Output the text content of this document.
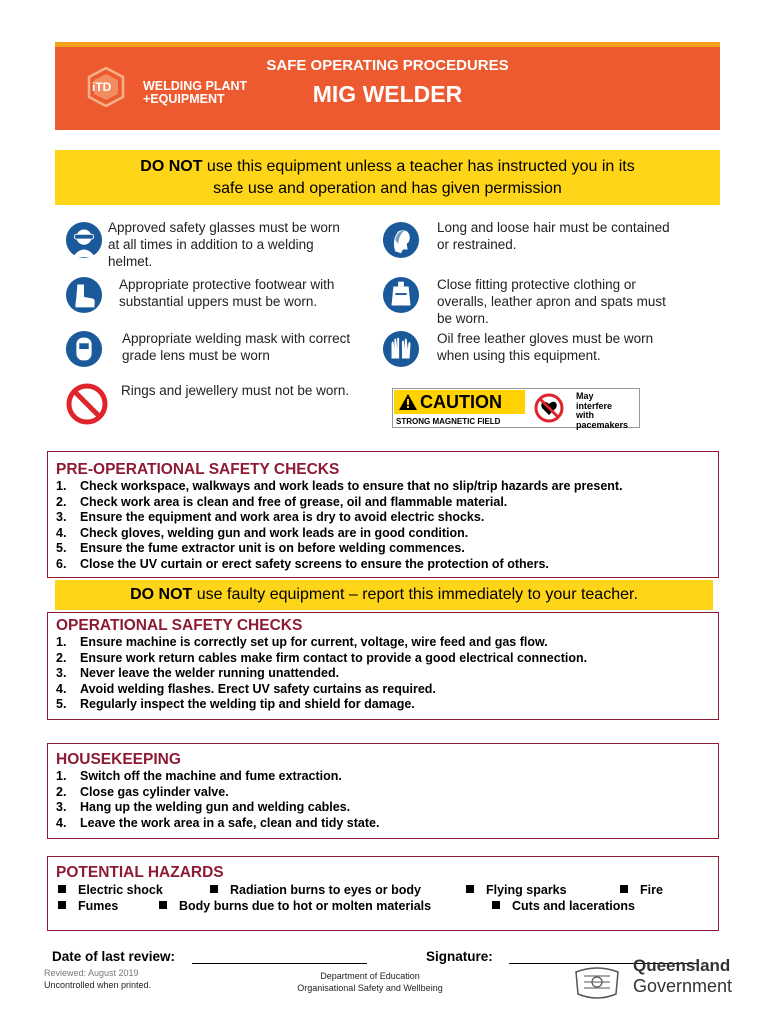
iTD	WELDING PLANT
+EQUIPMENT
SAFE OPERATING PROCEDURES
MIG WELDER
DO NOT use this equipment unless a teacher has instructed you in its
safe use and operation and has given permission
Approved safety glasses must be worn at all times in addition to a welding helmet.
Long and loose hair must be contained or restrained.
Appropriate protective footwear with substantial uppers must be worn.
Close fitting protective clothing or overalls, leather apron and spats must be worn.
Appropriate welding mask with correct grade lens must be worn
Oil free leather gloves must be worn when using this equipment.
Rings and jewellery must not be worn.
CAUTION
STRONG MAGNETIC FIELD
May
interfere
with
pacemakers
PRE-OPERATIONAL SAFETY CHECKS
1. Check workspace, walkways and work leads to ensure that no slip/trip hazards are present.
2. Check work area is clean and free of grease, oil and flammable material.
3. Ensure the equipment and work area is dry to avoid electric shocks.
4. Check gloves, welding gun and work leads are in good condition.
5. Ensure the fume extractor unit is on before welding commences.
6. Close the UV curtain or erect safety screens to ensure the protection of others.
DO NOT use faulty equipment – report this immediately to your teacher.
OPERATIONAL SAFETY CHECKS
1. Ensure machine is correctly set up for current, voltage, wire feed and gas flow.
2. Ensure work return cables make firm contact to provide a good electrical connection.
3. Never leave the welder running unattended.
4. Avoid welding flashes. Erect UV safety curtains as required.
5. Regularly inspect the welding tip and shield for damage.
HOUSEKEEPING
1. Switch off the machine and fume extraction.
2. Close gas cylinder valve.
3. Hang up the welding gun and welding cables.
4. Leave the work area in a safe, clean and tidy state.
POTENTIAL HAZARDS
Electric shock	Radiation burns to eyes or body	Flying sparks	Fire
Fumes	Body burns due to hot or molten materials	Cuts and lacerations
Date of last review:	Signature:
Reviewed: August 2019
Uncontrolled when printed.
Department of Education
Organisational Safety and Wellbeing
Queensland
Government
